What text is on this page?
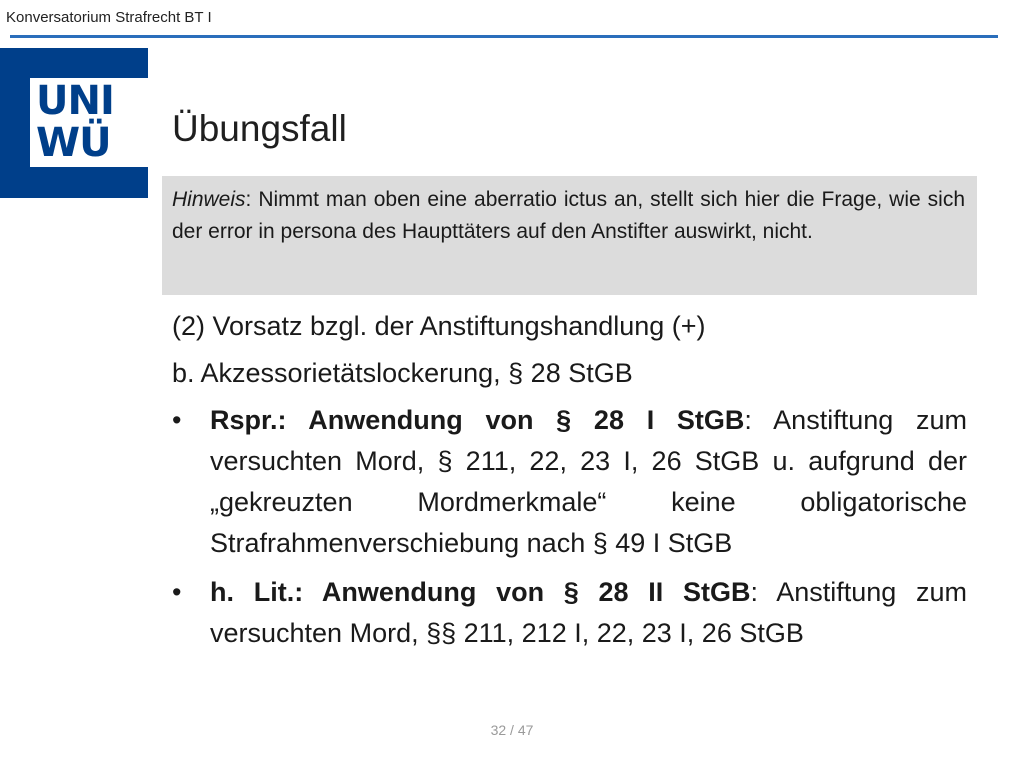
Konversatorium Strafrecht BT I
UNI
WÜ	Übungsfall
Hinweis: Nimmt man oben eine aberratio ictus an, stellt sich hier die Frage, wie sich der error in persona des Haupttäters auf den Anstifter auswirkt, nicht.

(2) Vorsatz bzgl. der Anstiftungshandlung (+)

b. Akzessorietätslockerung, § 28 StGB

• Rspr.: Anwendung von § 28 I StGB: Anstiftung zum versuchten Mord, § 211, 22, 23 I, 26 StGB u. aufgrund der „gekreuzten Mordmerkmale“ keine obligatorische Strafrahmenverschiebung nach § 49 I StGB
• h. Lit.: Anwendung von § 28 II StGB: Anstiftung zum versuchten Mord, §§ 211, 212 I, 22, 23 I, 26 StGB
32 / 47
